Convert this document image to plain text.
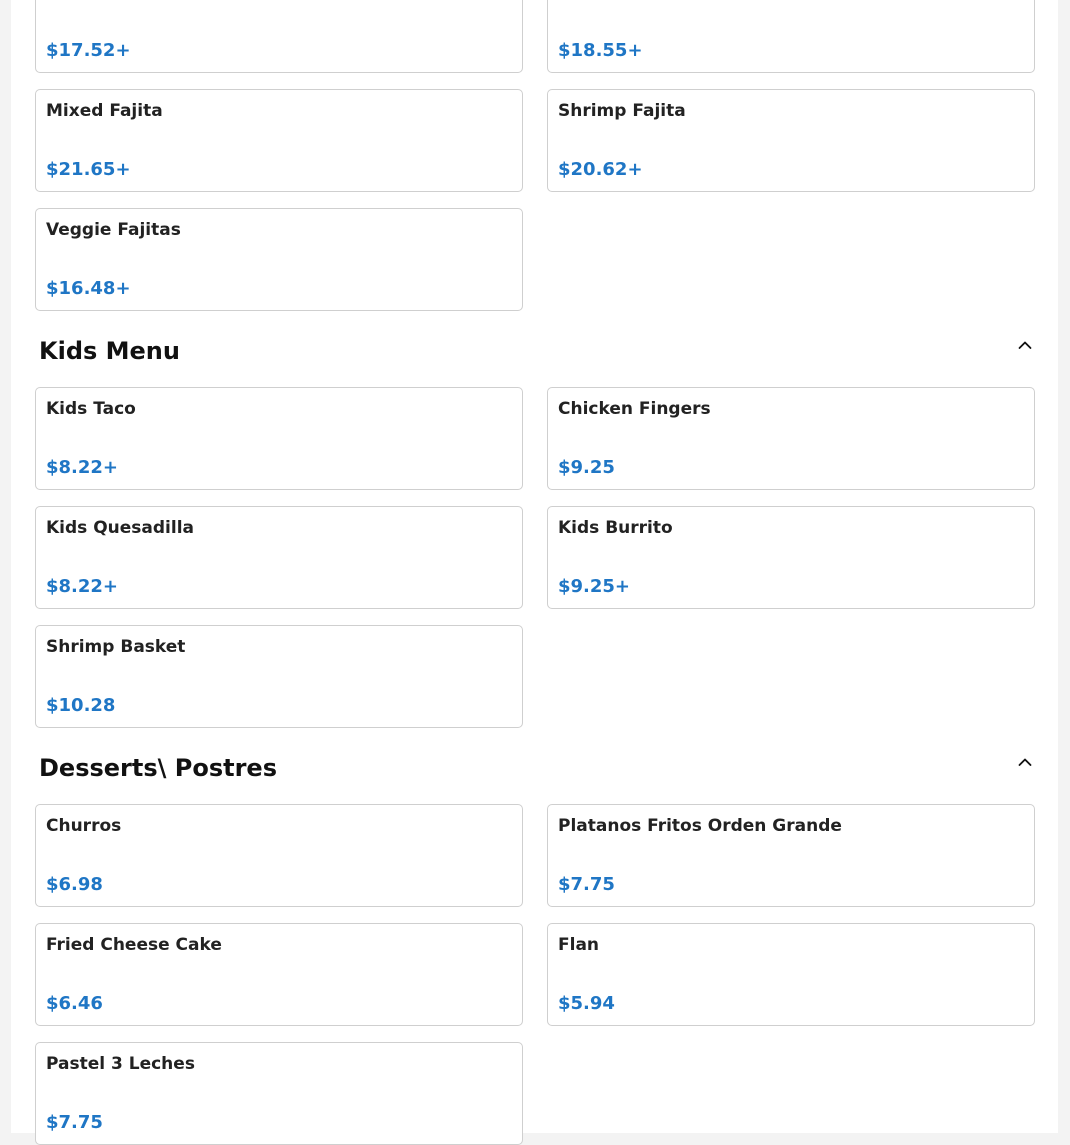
$17.52+	$18.55+
Mixed Fajita
$21.65+
Shrimp Fajita
$20.62+
Veggie Fajitas
$16.48+
Kids Menu
Kids Taco
$8.22+
Chicken Fingers
$9.25
Kids Quesadilla
$8.22+
Kids Burrito
$9.25+
Shrimp Basket
$10.28
Desserts\ Postres
Churros
$6.98
Platanos Fritos Orden Grande
$7.75
Fried Cheese Cake
$6.46
Flan
$5.94
Pastel 3 Leches
$7.75
